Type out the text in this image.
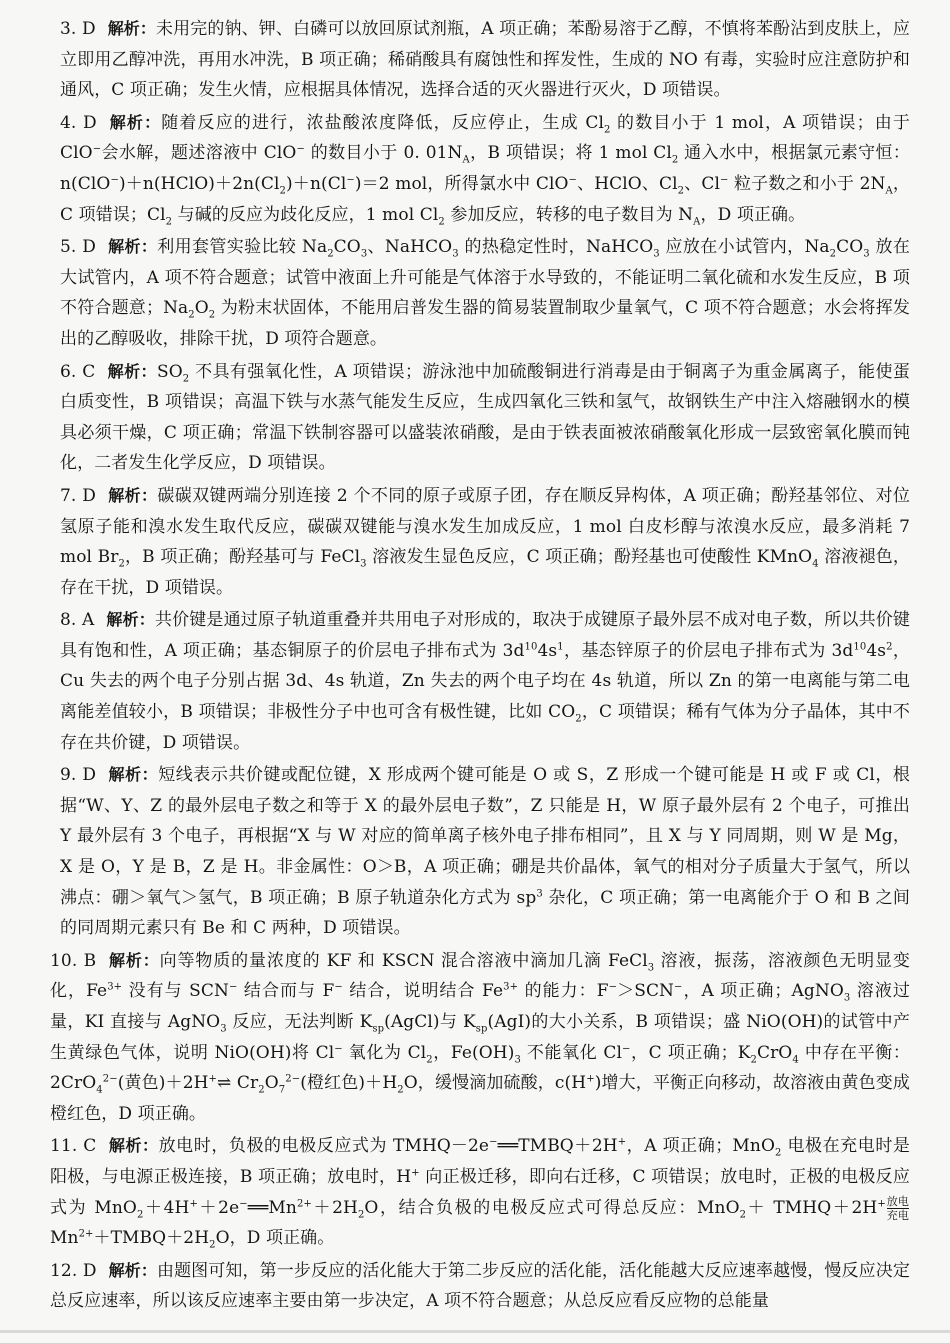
3. D 解析：未用完的钠、钾、白磷可以放回原试剂瓶，A 项正确；苯酚易溶于乙醇，不慎将苯酚沾到皮肤上，应立即用乙醇冲洗，再用水冲洗，B 项正确；稀硝酸具有腐蚀性和挥发性，生成的 NO 有毒，实验时应注意防护和通风，C 项正确；发生火情，应根据具体情况，选择合适的灭火器进行灭火，D 项错误。

4. D 解析：随着反应的进行，浓盐酸浓度降低，反应停止，生成 $Cl_2$ 的数目小于 1 mol，A 项错误；由于 ClO−会水解，题述溶液中 ClO− 的数目小于 0. $01N_A$，B 项错误；将 1 mol $Cl_2$ 通入水中，根据氯元素守恒：$n(ClO^-)+n(HClO)+2n(Cl_2)+n(Cl^-)=2$ mol，所得氯水中 ClO−、HClO、$Cl_2$、Cl− 粒子数之和小于 $2N_A$，C 项错误；$Cl_2$ 与碱的反应为歧化反应，1 mol $Cl_2$ 参加反应，转移的电子数目为 $N_A$，D 项正确。

5. D 解析：利用套管实验比较 $Na_2CO_3$、NaHCO$_3$ 的热稳定性时，NaHCO$_3$ 应放在小试管内，$Na_2CO_3$ 放在大试管内，A 项不符合题意；试管中液面上升可能是气体溶于水导致的，不能证明二氧化硫和水发生反应，B 项不符合题意；$Na_2O_2$ 为粉末状固体，不能用启普发生器的简易装置制取少量氧气，C 项不符合题意；水会将挥发出的乙醇吸收，排除干扰，D 项符合题意。

6. C 解析：$SO_2$ 不具有强氧化性，A 项错误；游泳池中加硫酸铜进行消毒是由于铜离子为重金属离子，能使蛋白质变性，B 项错误；高温下铁与水蒸气能发生反应，生成四氧化三铁和氢气，故钢铁生产中注入熔融钢水的模具必须干燥，C 项正确；常温下铁制容器可以盛装浓硝酸，是由于铁表面被浓硝酸氧化形成一层致密氧化膜而钝化，二者发生化学反应，D 项错误。

7. D 解析：碳碳双键两端分别连接 2 个不同的原子或原子团，存在顺反异构体，A 项正确；酚羟基邻位、对位氢原子能和溴水发生取代反应，碳碳双键能与溴水发生加成反应，1 mol 白皮杉醇与浓溴水反应，最多消耗 7 mol $Br_2$，B 项正确；酚羟基可与 FeCl$_3$ 溶液发生显色反应，C 项正确；酚羟基也可使酸性 KMnO$_4$ 溶液褪色，存在干扰，D 项错误。

8. A 解析：共价键是通过原子轨道重叠并共用电子对形成的，取决于成键原子最外层不成对电子数，所以共价键具有饱和性，A 项正确；基态铜原子的价层电子排布式为 $3d^{10}4s^1$，基态锌原子的价层电子排布式为 $3d^{10}4s^2$，Cu 失去的两个电子分别占据 3d、4s 轨道，Zn 失去的两个电子均在 4s 轨道，所以 Zn 的第一电离能与第二电离能差值较小，B 项错误；非极性分子中也可含有极性键，比如 $CO_2$，C 项错误；稀有气体为分子晶体，其中不存在共价键，D 项错误。

9. D 解析：短线表示共价键或配位键，X 形成两个键可能是 O 或 S，Z 形成一个键可能是 H 或 F 或 Cl，根据“W、Y、Z 的最外层电子数之和等于 X 的最外层电子数”，Z 只能是 H，W 原子最外层有 2 个电子，可推出 Y 最外层有 3 个电子，再根据“X 与 W 对应的简单离子核外电子排布相同”，且 X 与 Y 同周期，则 W 是 Mg，X 是 O，Y 是 B，Z 是 H。非金属性：O＞B，A 项正确；硼是共价晶体，氧气的相对分子质量大于氢气，所以沸点：硼＞氧气＞氢气，B 项正确；B 原子轨道杂化方式为 $sp^3$ 杂化，C 项正确；第一电离能介于 O 和 B 之间的同周期元素只有 Be 和 C 两种，D 项错误。

10. B 解析：向等物质的量浓度的 KF 和 KSCN 混合溶液中滴加几滴 FeCl$_3$ 溶液，振荡，溶液颜色无明显变化，$Fe^{3+}$ 没有与 SCN− 结合而与 F− 结合，说明结合 $Fe^{3+}$ 的能力：F−＞SCN−，A 项正确；AgNO$_3$ 溶液过量，KI 直接与 AgNO$_3$ 反应，无法判断 $K_{sp}(AgCl)$与 $K_{sp}(AgI)$的大小关系，B 项错误；盛 NiO(OH)的试管中产生黄绿色气体，说明 NiO(OH)将 Cl− 氧化为 $Cl_2$，$Fe(OH)_3$ 不能氧化 Cl−，C 项正确；$K_2CrO_4$ 中存在平衡：2CrO$_4^{2-}$(黄色)＋2H+⇌ $Cr_2O_7^{2-}$(橙红色)$+H_2O$，缓慢滴加硫酸，c(H+)增大，平衡正向移动，故溶液由黄色变成橙红色，D 项正确。

11. C 解析：放电时，负极的电极反应式为 TMHQ－2e−══TMBQ＋2H+，A 项正确；MnO$_2$ 电极在充电时是阳极，与电源正极连接，B 项正确；放电时，H+ 向正极迁移，即向右迁移，C 项错误；放电时，正极的电极反应式为 $MnO_2+4H^++2e^-══Mn^{2+}+2H_2O$，结合负极的电极反应式可得总反应：MnO$_2$＋ TMHQ＋2H+ $\frac{\text{放电}}{\text{充电}}$
$Mn^{2+}+TMBQ+2H_2O$，D 项正确。

12. D 解析：由题图可知，第一步反应的活化能大于第二步反应的活化能，活化能越大反应速率越慢，慢反应决定总反应速率，所以该反应速率主要由第一步决定，A 项不符合题意；从总反应看反应物的总能量
